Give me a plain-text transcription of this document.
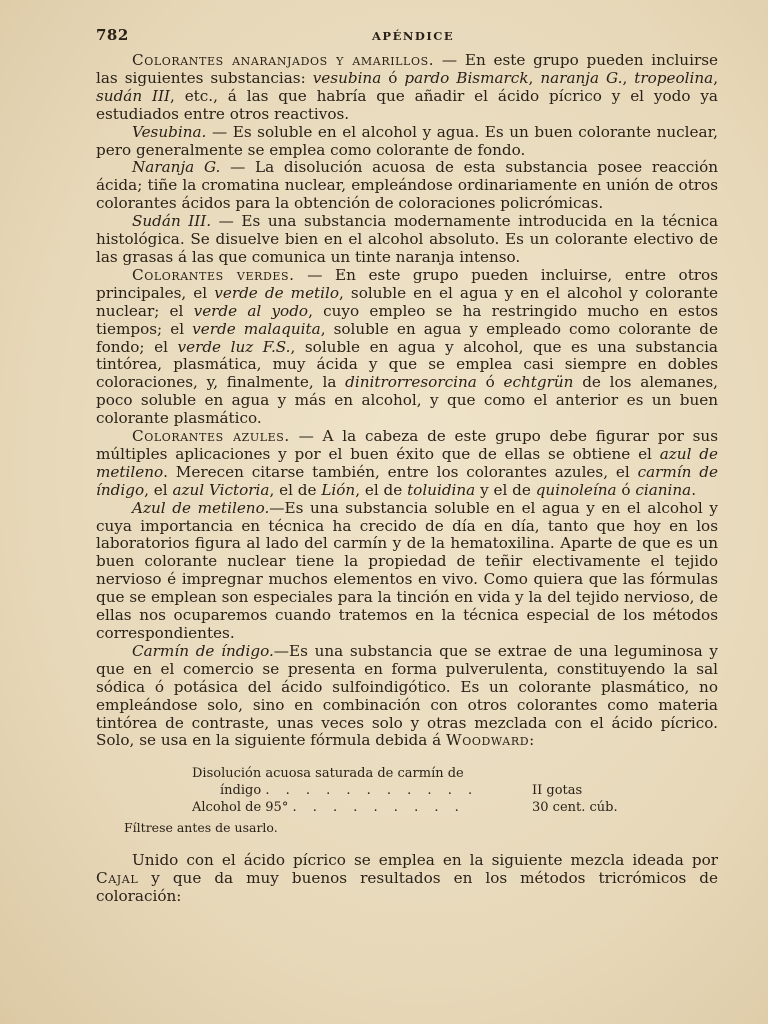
782	APÉNDICE

Colorantes anaranjados y amarillos. — En este grupo pueden incluirse las siguientes substancias: vesubina ó pardo Bismarck, naranja G., tropeolina, sudán III, etc., á las que habría que añadir el ácido pícrico y el yodo ya estudiados entre otros reactivos.

Vesubina. — Es soluble en el alcohol y agua. Es un buen colorante nuclear, pero generalmente se emplea como colorante de fondo.

Naranja G. — La disolución acuosa de esta substancia posee reacción ácida; tiñe la cromatina nuclear, empleándose ordinariamente en unión de otros colorantes ácidos para la obtención de coloraciones policrómicas.

Sudán III. — Es una substancia modernamente introducida en la técnica histológica. Se disuelve bien en el alcohol absoluto. Es un colorante electivo de las grasas á las que comunica un tinte naranja intenso.

Colorantes verdes. — En este grupo pueden incluirse, entre otros principales, el verde de metilo, soluble en el agua y en el alcohol y colorante nuclear; el verde al yodo, cuyo empleo se ha restringido mucho en estos tiempos; el verde malaquita, soluble en agua y empleado como colorante de fondo; el verde luz F.S., soluble en agua y alcohol, que es una substancia tintórea, plasmática, muy ácida y que se emplea casi siempre en dobles coloraciones, y, finalmente, la dinitrorresorcina ó echtgrün de los alemanes, poco soluble en agua y más en alcohol, y que como el anterior es un buen colorante plasmático.

Colorantes azules. — A la cabeza de este grupo debe figurar por sus múltiples aplicaciones y por el buen éxito que de ellas se obtiene el azul de metileno. Merecen citarse también, entre los colorantes azules, el carmín de índigo, el azul Victoria, el de Lión, el de toluidina y el de quinoleína ó cianina.

Azul de metileno.—Es una substancia soluble en el agua y en el alcohol y cuya importancia en técnica ha crecido de día en día, tanto que hoy en los laboratorios figura al lado del carmín y de la hematoxilina. Aparte de que es un buen colorante nuclear tiene la propiedad de teñir electivamente el tejido nervioso é impregnar muchos elementos en vivo. Como quiera que las fórmulas que se emplean son especiales para la tinción en vida y la del tejido nervioso, de ellas nos ocuparemos cuando tratemos en la técnica especial de los métodos correspondientes.

Carmín de índigo.—Es una substancia que se extrae de una leguminosa y que en el comercio se presenta en forma pulverulenta, constituyendo la sal sódica ó potásica del ácido sulfoindigótico. Es un colorante plasmático, no empleándose solo, sino en combinación con otros colorantes como materia tintórea de contraste, unas veces solo y otras mezclada con el ácido pícrico. Solo, se usa en la siguiente fórmula debida á Woodward:

Disolución acuosa saturada de carmín de
índigo . . . . . . . . . . .	II gotas
Alcohol de 95° . . . . . . . . .	30 cent. cúb.
Fíltrese antes de usarlo.

Unido con el ácido pícrico se emplea en la siguiente mezcla ideada por Cajal y que da muy buenos resultados en los métodos tricrómicos de coloración:
